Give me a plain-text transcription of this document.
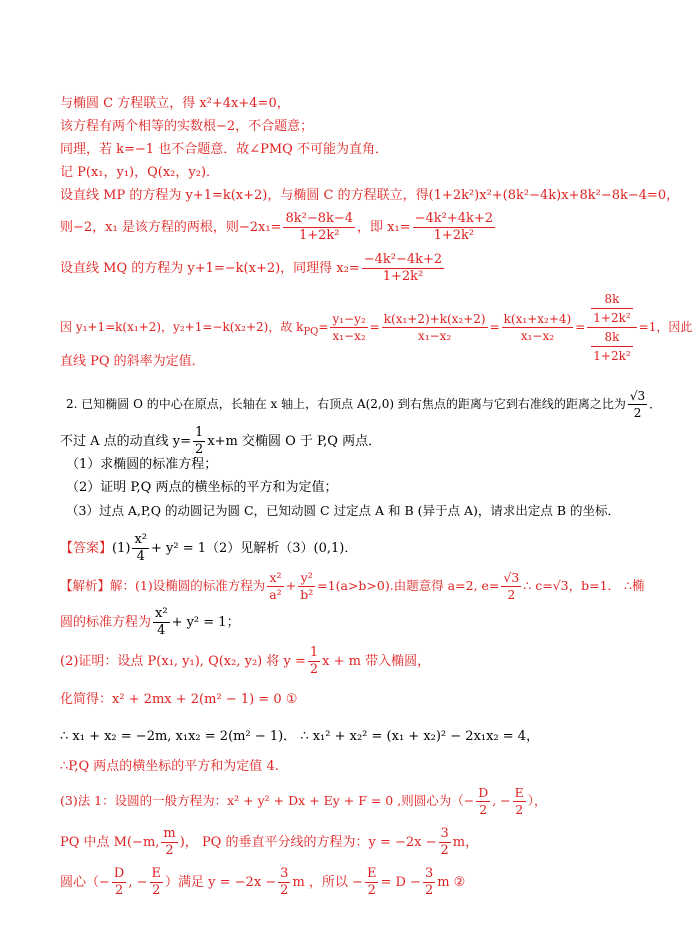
与椭圆 C 方程联立，得 x²+4x+4=0，
该方程有两个相等的实数根−2，不合题意；
同理，若 k=−1 也不合题意．故∠PMQ 不可能为直角．
记 P(x₁，y₁)，Q(x₂，y₂)．
设直线 MP 的方程为 y+1=k(x+2)，与椭圆 C 的方程联立，得(1+2k²)x²+(8k²−4k)x+8k²−8k−4=0，
则−2，x₁ 是该方程的两根，则$-2x_1= \frac{\text{8k²−8k−4}}{\text{1+2k²}}$ ，即 $x_1= \frac{\text{−4k²+4k+2}}{\text{1+2k²}}$
设直线 MQ 的方程为 y+1=−k(x+2)，同理得 $x_2= \frac{\text{−4k²−4k+2}}{\text{1+2k²}}$
因 y₁+1=k(x₁+2)，y₂+1=−k(x₂+2)，故 $k_{PQ}= \frac{\text{y₁−y₂}}{\text{x₁−x₂}} = \frac{\text{k(x₁+2)+k(x₂+2)}}{\text{x₁−x₂}} = \frac{\text{k(x₁+x₂+4)}}{\text{x₁−x₂}} = \frac{\frac{8k}{\text{1+2k²}}}{\frac{8k}{\text{1+2k²}}} =1$，因此
直线 PQ 的斜率为定值．
2. 已知椭圆 O 的中心在原点，长轴在 x 轴上，右顶点 A(2,0) 到右焦点的距离与它到右准线的距离之比为 $\frac{√3}{2}$ ．
不过 A 点的动直线 $y= \frac{1}{2} x+m$ 交椭圆 O 于 P,Q 两点．
（1）求椭圆的标准方程；
（2）证明 P,Q 两点的横坐标的平方和为定值；
（3）过点 A,P,Q 的动圆记为圆 C，已知动圆 C 过定点 A 和 B (异于点 A)，请求出定点 B 的坐标．
【答案】$(1) \frac{\text{x²}}{4} + y^2 = 1(2)$见解析（3）(0,1)．
【解析】解：(1)设椭圆的标准方程为 $\frac{\text{x²}}{\text{a²}} + \frac{\text{y²}}{\text{b²}} =1(a>b>0)$.由题意得 a=2, $e= \frac{√3}{2}$ ∴ c=√3，b=1． ∴椭
圆的标准方程为 $\frac{\text{x²}}{4} + y^2 = 1$；
(2)证明：设点 P(x₁, y₁), Q(x₂, y₂) 将 $y = \frac{1}{2}$ x + m 带入椭圆，
化简得：x² + 2mx + 2(m² − 1) = 0 ①
∴ x₁ + x₂ = −2m, x₁x₂ = 2(m² − 1)． ∴ x₁² + x₂² = (x₁ + x₂)² − 2x₁x₂ = 4，
∴P,Q 两点的横坐标的平方和为定值 4.
(3)法 1：设圆的一般方程为：x² + y² + Dx + Ey + F = 0 ,则圆心为（− $\frac{D}{2}$ , − $\frac{E}{2}$ ），
PQ 中点 M(−m, $\frac{m}{2}$ )， PQ 的垂直平分线的方程为：$y = -2x - \frac{3}{2}$ m，
圆心（− $\frac{D}{2}$ , − $\frac{E}{2}$ ）满足 $y = -2x - \frac{3}{2}$ m ，所以 − $\frac{E}{2} = D - \frac{3}{2}$ m ②
